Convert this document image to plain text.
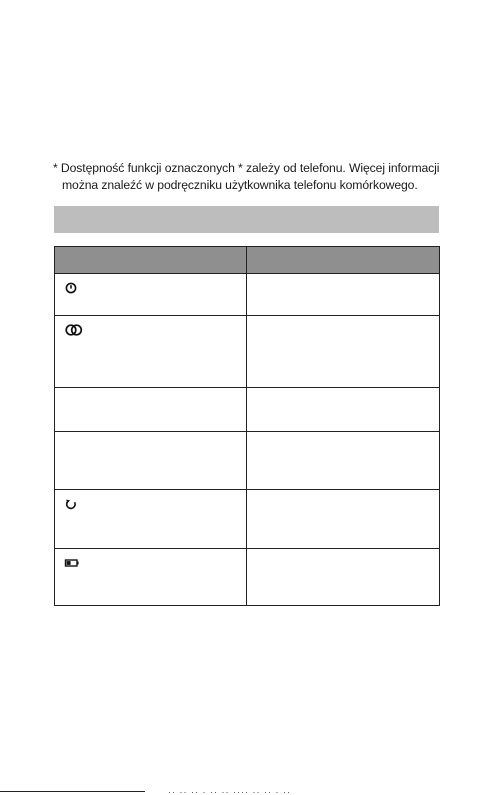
* Dostępność funkcji oznaczonych * zależy od telefonu. Więcej informacji
można znaleźć w podręczniku użytkownika telefonu komórkowego.

·· ·· ·· · ·· ·· ···· ·· ·· · ··
